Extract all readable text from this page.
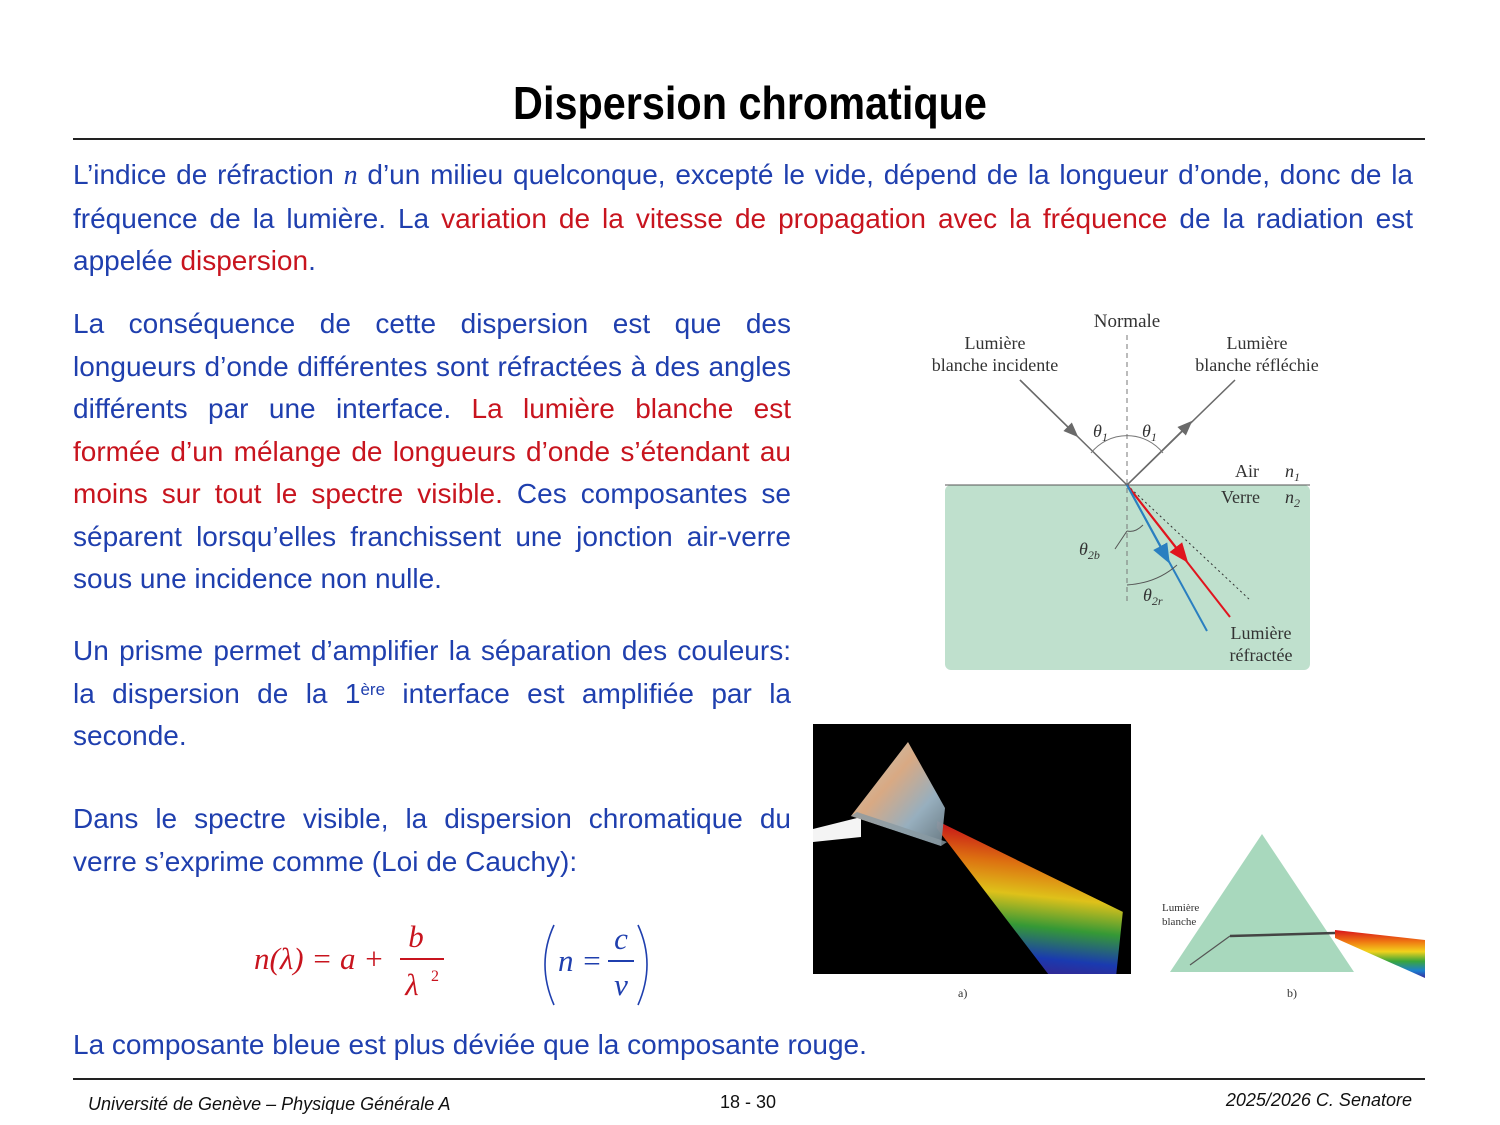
Dispersion chromatique
L’indice de réfraction n d’un milieu quelconque, excepté le vide, dépend de la longueur d’onde, donc de la fréquence de la lumière. La variation de la vitesse de propagation avec la fréquence de la radiation est appelée dispersion.
La conséquence de cette dispersion est que des longueurs d’onde différentes sont réfractées à des angles différents par une interface. La lumière blanche est formée d’un mélange de longueurs d’onde s’étendant au moins sur tout le spectre visible. Ces composantes se séparent lorsqu’elles franchissent une jonction air-verre sous une incidence non nulle.
Un prisme permet d’amplifier la séparation des couleurs: la dispersion de la 1ère interface est amplifiée par la seconde.
Dans le spectre visible, la dispersion chromatique du verre s’exprime comme (Loi de Cauchy):
n(λ) = a +
b
λ 2	n =
c
v
La composante bleue est plus déviée que la composante rouge.
Normale
Lumière
blanche incidente
Lumière
blanche réfléchie
$\theta_1$ $\theta_1$
Air $n_1$
Verre $n_2$
$\theta_{2b}$
$\theta_{2r}$
Lumière
réfractée
a)
Lumière
blanche
b)
Université de Genève – Physique Générale A	18 - 30	2025/2026 C. Senatore
